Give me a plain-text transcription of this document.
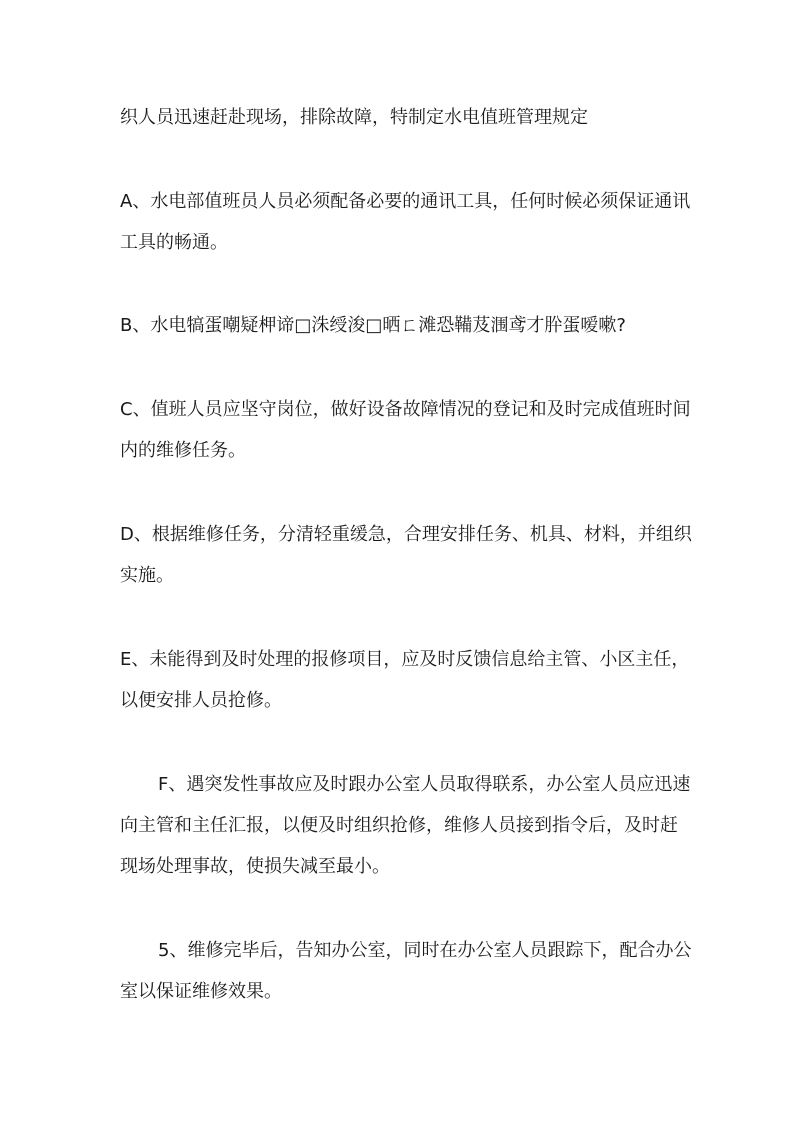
织人员迅速赶赴现场，排除故障，特制定水电值班管理规定

A、水电部值班员人员必须配备必要的通讯工具，任何时候必须保证通讯工具的畅通。

B、水电犒蛋嘲疑柙谛□洙绶浚□晒ㄈ滩恐鞴芨涠鸢才肸蛋嗳嗽?

C、值班人员应坚守岗位，做好设备故障情况的登记和及时完成值班时间内的维修任务。

D、根据维修任务，分清轻重缓急，合理安排任务、机具、材料，并组织实施。

E、未能得到及时处理的报修项目，应及时反馈信息给主管、小区主任，以便安排人员抢修。

F、遇突发性事故应及时跟办公室人员取得联系，办公室人员应迅速向主管和主任汇报，以便及时组织抢修，维修人员接到指令后，及时赶现场处理事故，使损失减至最小。

5、维修完毕后，告知办公室，同时在办公室人员跟踪下，配合办公室以保证维修效果。
